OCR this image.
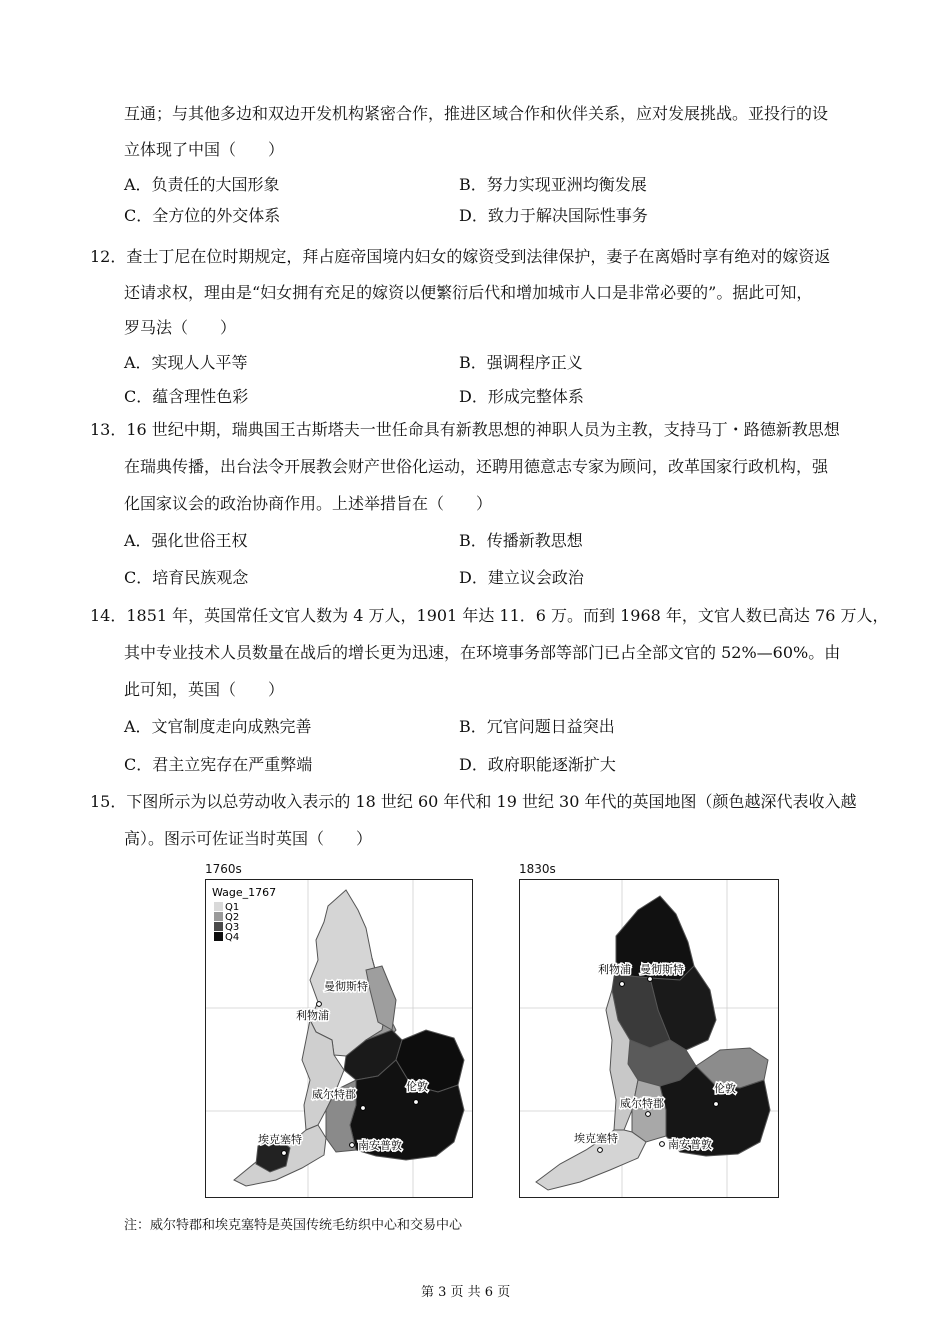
互通；与其他多边和双边开发机构紧密合作，推进区域合作和伙伴关系，应对发展挑战。亚投行的设
立体现了中国（　　）
A．负责任的大国形象	B．努力实现亚洲均衡发展
C．全方位的外交体系	D．致力于解决国际性事务
12．查士丁尼在位时期规定，拜占庭帝国境内妇女的嫁资受到法律保护，妻子在离婚时享有绝对的嫁资返
还请求权，理由是“妇女拥有充足的嫁资以便繁衍后代和增加城市人口是非常必要的”。据此可知，
罗马法（　　）
A．实现人人平等	B．强调程序正义
C．蕴含理性色彩	D．形成完整体系
13．16 世纪中期，瑞典国王古斯塔夫一世任命具有新教思想的神职人员为主教，支持马丁・路德新教思想
在瑞典传播，出台法令开展教会财产世俗化运动，还聘用德意志专家为顾问，改革国家行政机构，强
化国家议会的政治协商作用。上述举措旨在（　　）
A．强化世俗王权	B．传播新教思想
C．培育民族观念	D．建立议会政治
14．1851 年，英国常任文官人数为 4 万人，1901 年达 11．6 万。而到 1968 年，文官人数已高达 76 万人，
其中专业技术人员数量在战后的增长更为迅速，在环境事务部等部门已占全部文官的 52%—60%。由
此可知，英国（　　）
A．文官制度走向成熟完善	B．冗官问题日益突出
C．君主立宪存在严重弊端	D．政府职能逐渐扩大
15．下图所示为以总劳动收入表示的 18 世纪 60 年代和 19 世纪 30 年代的英国地图（颜色越深代表收入越
高）。图示可佐证当时英国（　　）
1760s	1830s
Wage_1767
Q1
Q2
Q3
Q4
曼彻斯特
利物浦
威尔特郡
伦敦
埃克塞特	南安普敦
曼彻斯特
利物浦
威尔特郡
伦敦
埃克塞特	南安普敦
注：威尔特郡和埃克塞特是英国传统毛纺织中心和交易中心
第 3 页 共 6 页
